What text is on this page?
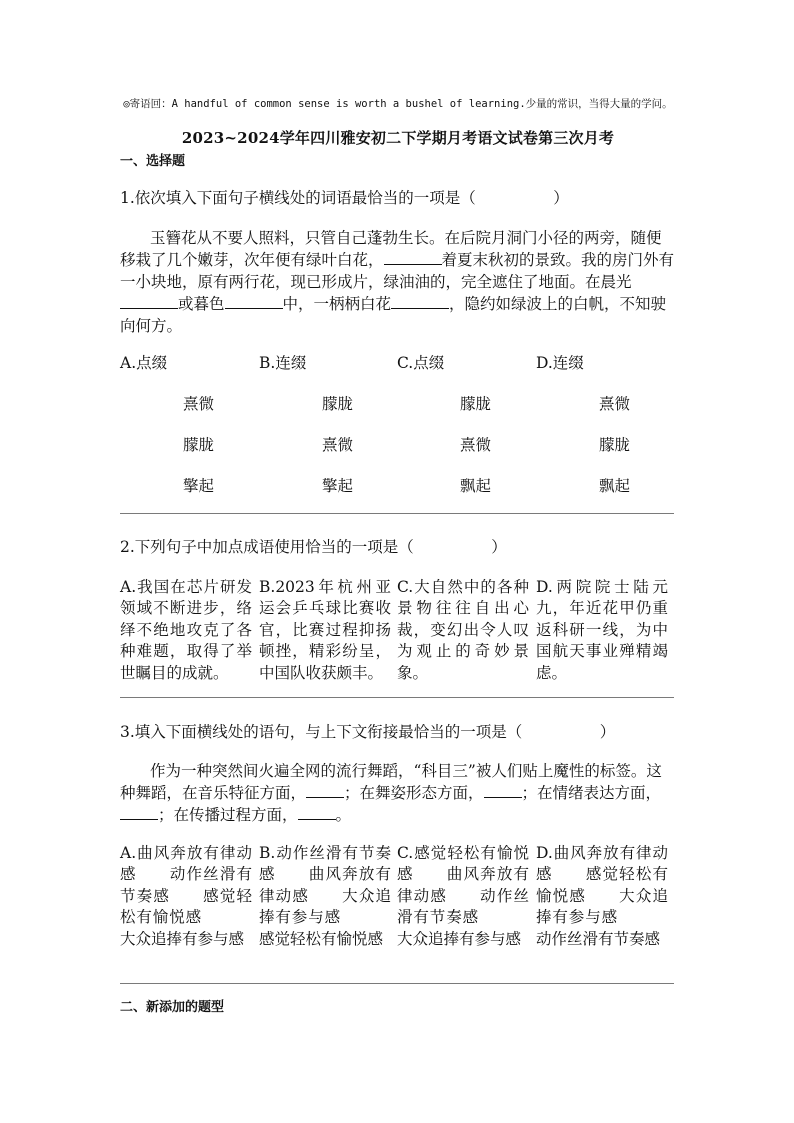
◎寄语回：A handful of common sense is worth a bushel of learning.少量的常识，当得大量的学问。
2023~2024学年四川雅安初二下学期月考语文试卷第三次月考
一、选择题
1.依次填入下面句子横线处的词语最恰当的一项是（　　　　　）
玉簪花从不要人照料，只管自己蓬勃生长。在后院月洞门小径的两旁，随便移栽了几个嫩芽，次年便有绿叶白花，	着夏末秋初的景致。我的房门外有一小块地，原有两行花，现已形成片，绿油油的，完全遮住了地面。在晨光或暮色	中，一柄柄白花	，隐约如绿波上的白帆，不知驶向何方。
A.点缀	B.连缀	C.点缀	D.连缀
熹微	朦胧	朦胧	熹微
朦胧	熹微	熹微	朦胧
擎起	擎起	飘起	飘起
2.下列句子中加点成语使用恰当的一项是（　　　　　）
A.我国在芯片研发领域不断进步，络绎不绝地攻克了各种难题，取得了举世瞩目的成就。
B.2023年杭州亚运会乒乓球比赛收官，比赛过程抑扬顿挫，精彩纷呈，中国队收获颇丰。
C.大自然中的各种景物往往自出心裁，变幻出令人叹为观止的奇妙景象。
D.两院院士陆元九，年近花甲仍重返科研一线，为中国航天事业殚精竭虑。
3.填入下面横线处的语句，与上下文衔接最恰当的一项是（　　　　　）
作为一种突然间火遍全网的流行舞蹈，“科目三”被人们贴上魔性的标签。这种舞蹈，在音乐特征方面， ；在舞姿形态方面， ；在情绪表达方面，；在传播过程方面， 。
A.曲风奔放有律动感 动作丝滑有节奏感 感觉轻松有愉悦感大众追捧有参与感
B.动作丝滑有节奏感 曲风奔放有律动感 大众追捧有参与感感觉轻松有愉悦感
C.感觉轻松有愉悦感 曲风奔放有律动感 动作丝滑有节奏感大众追捧有参与感
D.曲风奔放有律动感 感觉轻松有愉悦感 大众追捧有参与感动作丝滑有节奏感
二、新添加的题型
